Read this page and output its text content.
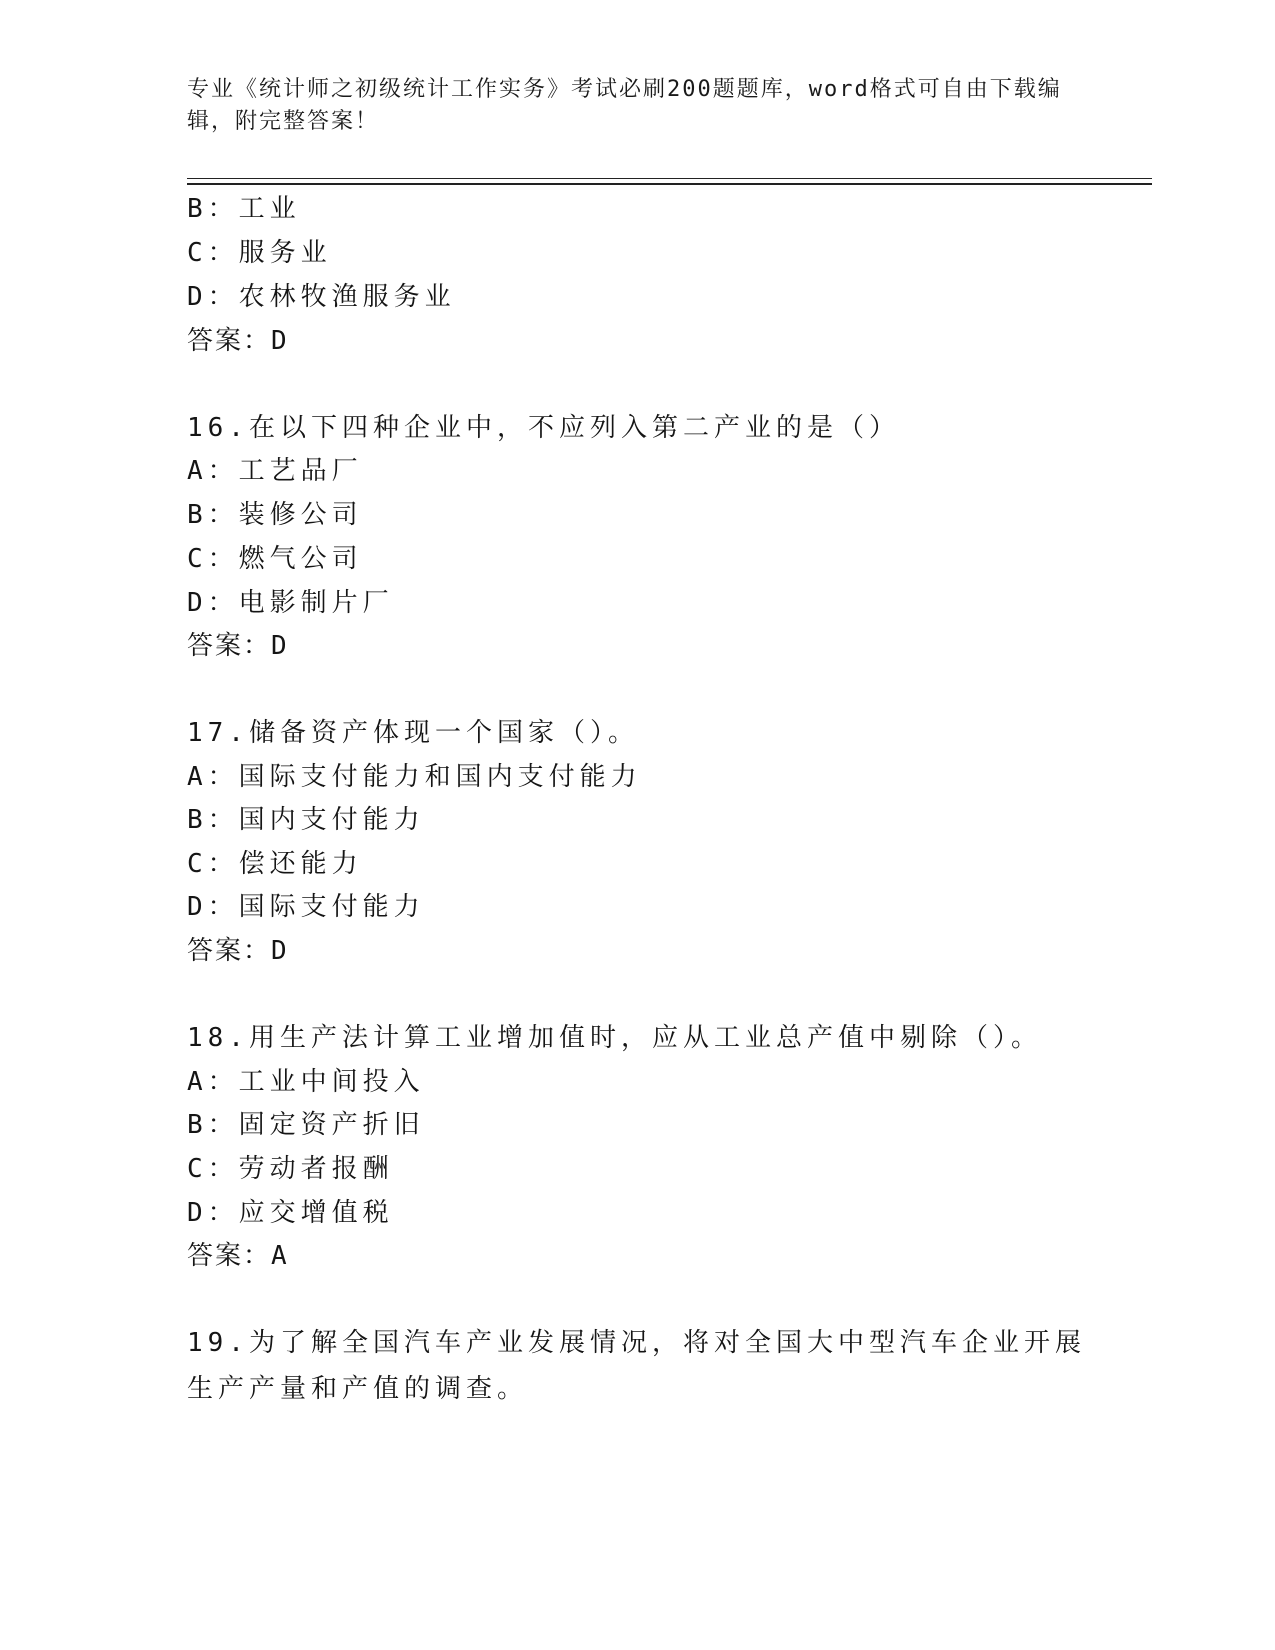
专业《统计师之初级统计工作实务》考试必刷200题题库，word格式可自由下载编辑，附完整答案！
B：工业
C：服务业
D：农林牧渔服务业
答案：D
16.在以下四种企业中，不应列入第二产业的是（）
A：工艺品厂
B：装修公司
C：燃气公司
D：电影制片厂
答案：D
17.储备资产体现一个国家（）。
A：国际支付能力和国内支付能力
B：国内支付能力
C：偿还能力
D：国际支付能力
答案：D
18.用生产法计算工业增加值时，应从工业总产值中剔除（）。
A：工业中间投入
B：固定资产折旧
C：劳动者报酬
D：应交增值税
答案：A
19.为了解全国汽车产业发展情况，将对全国大中型汽车企业开展生产产量和产值的调查。
